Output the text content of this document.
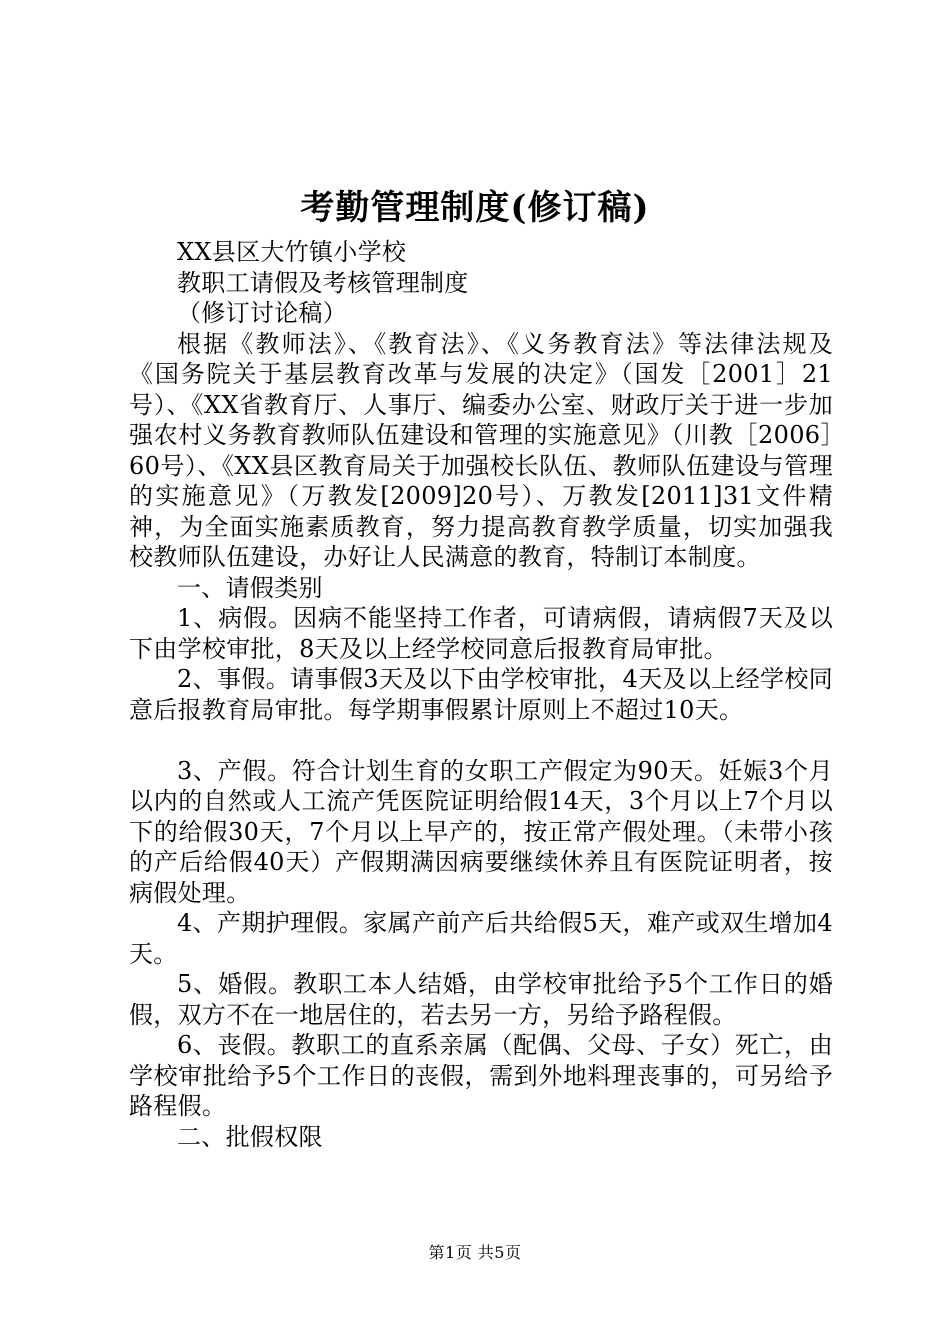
考勤管理制度(修订稿)

XX县区大竹镇小学校

教职工请假及考核管理制度

（修订讨论稿）

根据《教师法》、《教育法》、《义务教育法》等法律法规及《国务院关于基层教育改革与发展的决定》（国发［2001］21号）、《XX省教育厅、人事厅、编委办公室、财政厅关于进一步加强农村义务教育教师队伍建设和管理的实施意见》（川教［2006］60号）、《XX县区教育局关于加强校长队伍、教师队伍建设与管理的实施意见》（万教发[2009]20号）、万教发[2011]31文件精神，为全面实施素质教育，努力提高教育教学质量，切实加强我校教师队伍建设，办好让人民满意的教育，特制订本制度。

一、请假类别

1、病假。因病不能坚持工作者，可请病假，请病假7天及以下由学校审批，8天及以上经学校同意后报教育局审批。

2、事假。请事假3天及以下由学校审批，4天及以上经学校同意后报教育局审批。每学期事假累计原则上不超过10天。

3、产假。符合计划生育的女职工产假定为90天。妊娠3个月以内的自然或人工流产凭医院证明给假14天，3个月以上7个月以下的给假30天，7个月以上早产的，按正常产假处理。（未带小孩的产后给假40天）产假期满因病要继续休养且有医院证明者，按病假处理。

4、产期护理假。家属产前产后共给假5天，难产或双生增加4天。

5、婚假。教职工本人结婚，由学校审批给予5个工作日的婚假，双方不在一地居住的，若去另一方，另给予路程假。

6、丧假。教职工的直系亲属（配偶、父母、子女）死亡，由学校审批给予5个工作日的丧假，需到外地料理丧事的，可另给予路程假。

二、批假权限

第1页 共5页
